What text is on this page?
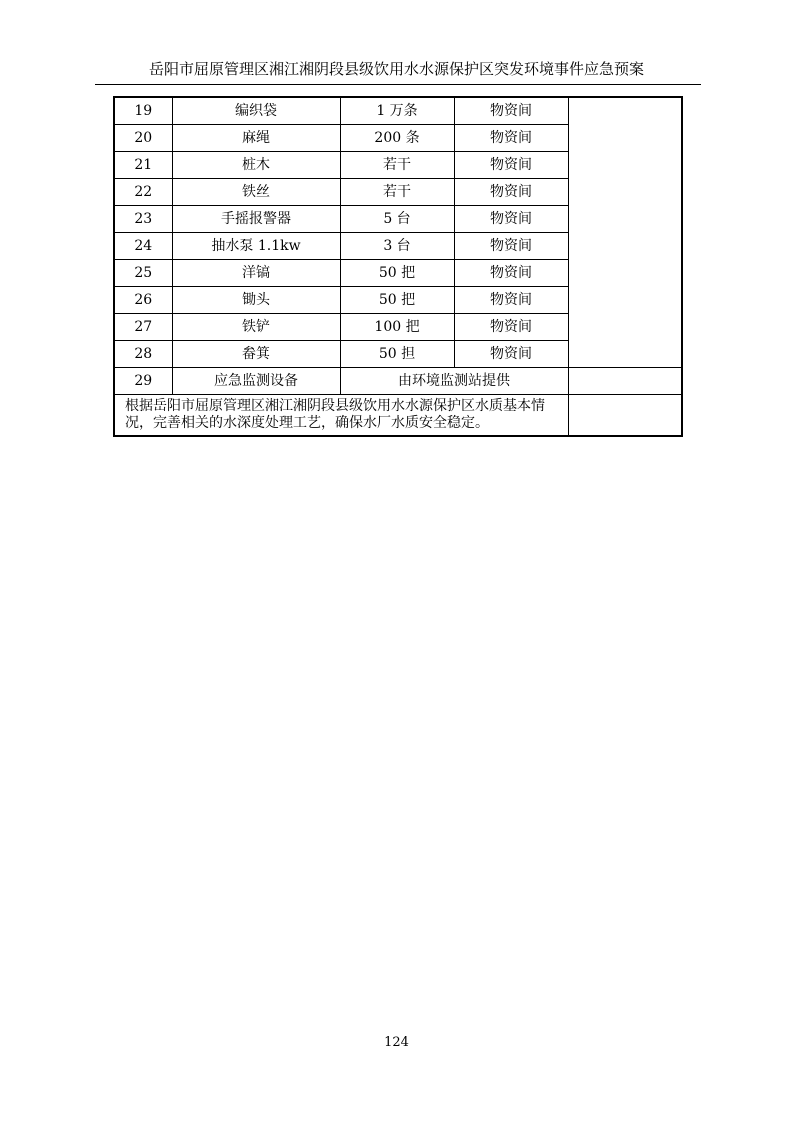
岳阳市屈原管理区湘江湘阴段县级饮用水水源保护区突发环境事件应急预案
19	编织袋	1 万条	物资间	
20	麻绳	200 条	物资间	
21	桩木	若干	物资间	
22	铁丝	若干	物资间	
23	手摇报警器	5 台	物资间	
24	抽水泵 1.1kw	3 台	物资间	
25	洋镐	50 把	物资间	
26	锄头	50 把	物资间	
27	铁铲	100 把	物资间	
28	畚箕	50 担	物资间	
29	应急监测设备	由环境监测站提供		
根据岳阳市屈原管理区湘江湘阴段县级饮用水水源保护区水质基本情况，完善相关的水深度处理工艺，确保水厂水质安全稳定。				
124
